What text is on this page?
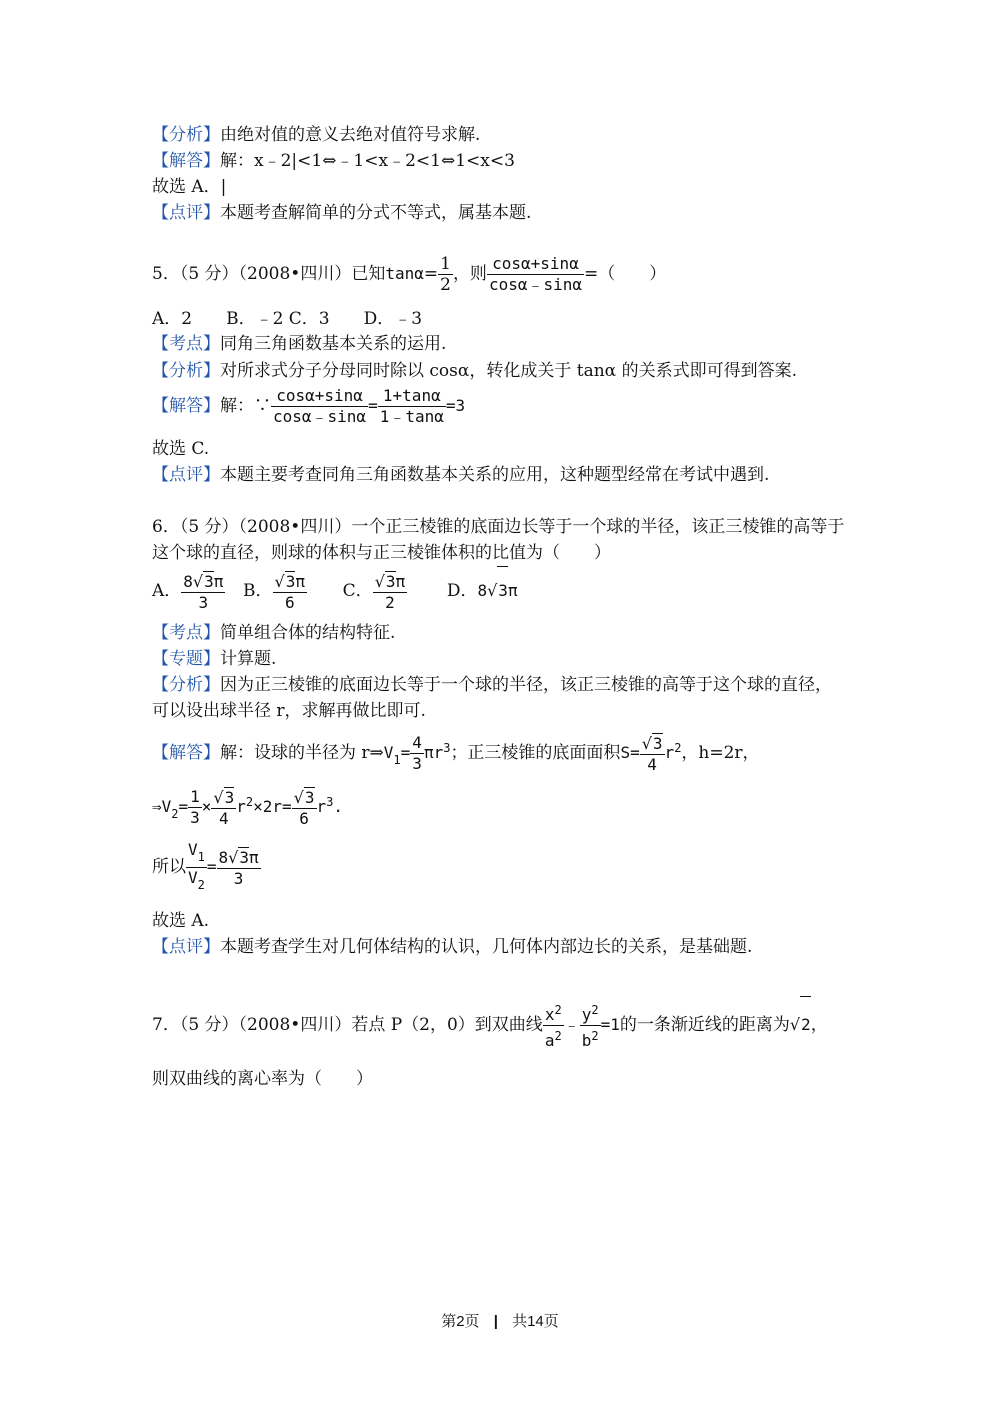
【分析】由绝对值的意义去绝对值符号求解.
【解答】解：x﹣2|<1⇔﹣1<x﹣2<1⇔1<x<3
故选 A．|
【点评】本题考查解简单的分式不等式，属基本题.
5．（5 分）（2008•四川）已知$\tan\alpha= \frac{1}{2}$ ，则 $\frac{\cos\alpha+\sin\alpha}{\cos\alpha﹣\sin\alpha}$ =（　　）
A．2　　B．﹣2 C．3　　D．﹣3
【考点】同角三角函数基本关系的运用.
【分析】对所求式分子分母同时除以 cosα，转化成关于 tanα 的关系式即可得到答案.
【解答】解：∵ $\frac{\cos\alpha+\sin\alpha}{\cos\alpha﹣\sin\alpha} = \frac{1+\tan\alpha}{1﹣\tan\alpha} =3$
故选 C.
【点评】本题主要考查同角三角函数基本关系的应用，这种题型经常在考试中遇到.
6．（5 分）（2008•四川）一个正三棱锥的底面边长等于一个球的半径，该正三棱锥的高等于
这个球的直径，则球的体积与正三棱锥体积的比值为（　　）
A． $\frac{8√3\pi}{3}$ B． $\frac{√3\pi}{6}$ C． $\frac{√3\pi}{2}$ D．8√3π
【考点】简单组合体的结构特征.
【专题】计算题.
【分析】因为正三棱锥的底面边长等于一个球的半径，该正三棱锥的高等于这个球的直径，
可以设出球半径 r，求解再做比即可.
【解答】解：设球的半径为 $r\Rightarrow V_1= \frac{4}{3} \pi r^3$；正三棱锥的底面面积$S= \frac{√3}{4} r^2$，h=2r，
$\Rightarrow V_2= \frac{1}{3} \times \frac{√3}{4} r^2\times 2r= \frac{√3}{6} r^3$.
所以 $\frac{V_1}{V_2} = \frac{8√3\pi}{3}$
故选 A.
【点评】本题考查学生对几何体结构的认识，几何体内部边长的关系，是基础题.
7．（5 分）（2008•四川）若点 P（2，0）到双曲线 $\frac{x^2}{a^2}$ ﹣ $\frac{y^2}{b^2} =1$的一条渐近线的距离为√2，
则双曲线的离心率为（　　）
第2页 | 共14页
